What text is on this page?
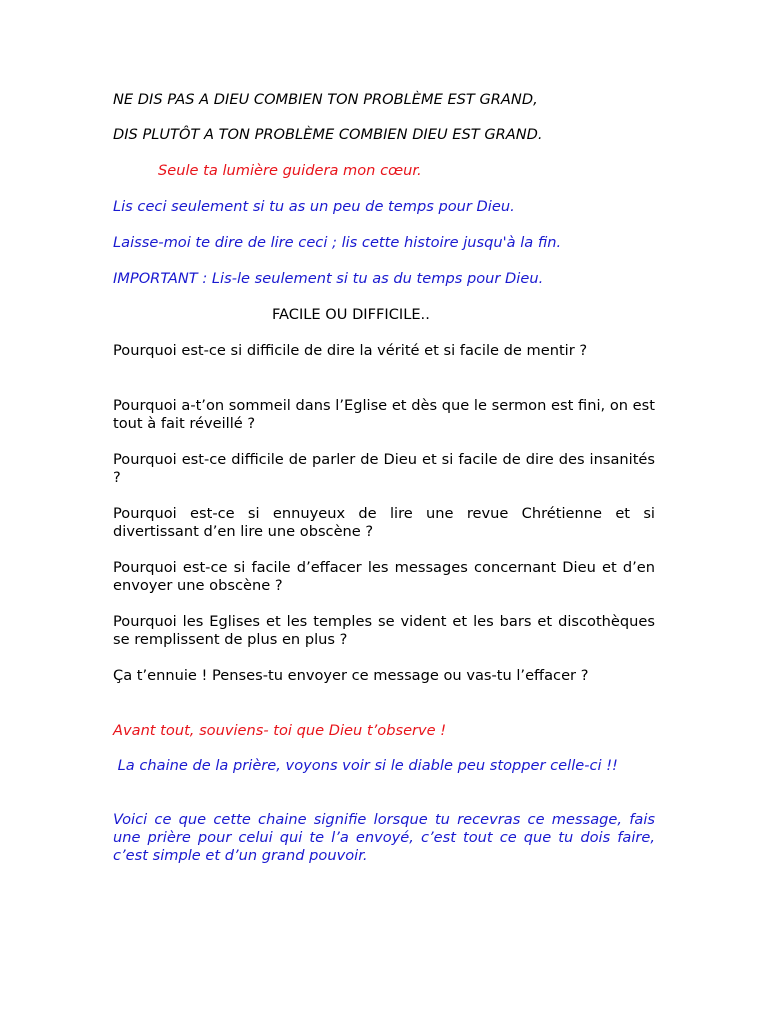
NE DIS PAS A DIEU COMBIEN TON PROBLÈME EST GRAND,

DIS PLUTÔT A TON PROBLÈME COMBIEN DIEU EST GRAND.

Seule ta lumière guidera mon cœur.

Lis ceci seulement si tu as un peu de temps pour Dieu.

Laisse-moi te dire de lire ceci ; lis cette histoire jusqu'à la fin.

IMPORTANT : Lis-le seulement si tu as du temps pour Dieu.

FACILE OU DIFFICILE..

Pourquoi est-ce si difficile de dire la vérité et si facile de mentir ?

Pourquoi a-t’on sommeil dans l’Eglise et dès que le sermon est fini, on est tout à fait réveillé ?

Pourquoi est-ce difficile de parler de Dieu et si facile de dire des insanités ?

Pourquoi est-ce si ennuyeux de lire une revue Chrétienne et si divertissant d’en lire une obscène ?

Pourquoi est-ce si facile d’effacer les messages concernant Dieu et d’en envoyer une obscène ?

Pourquoi les Eglises et les temples se vident et les bars et discothèques se remplissent de plus en plus ?

Ça t’ennuie ! Penses-tu envoyer ce message ou vas-tu l’effacer ?

Avant tout, souviens- toi que Dieu t’observe !

La chaine de la prière, voyons voir si le diable peu stopper celle-ci !!

Voici ce que cette chaine signifie lorsque tu recevras ce message, fais une prière pour celui qui te l’a envoyé, c’est tout ce que tu dois faire, c’est simple et d’un grand pouvoir.
